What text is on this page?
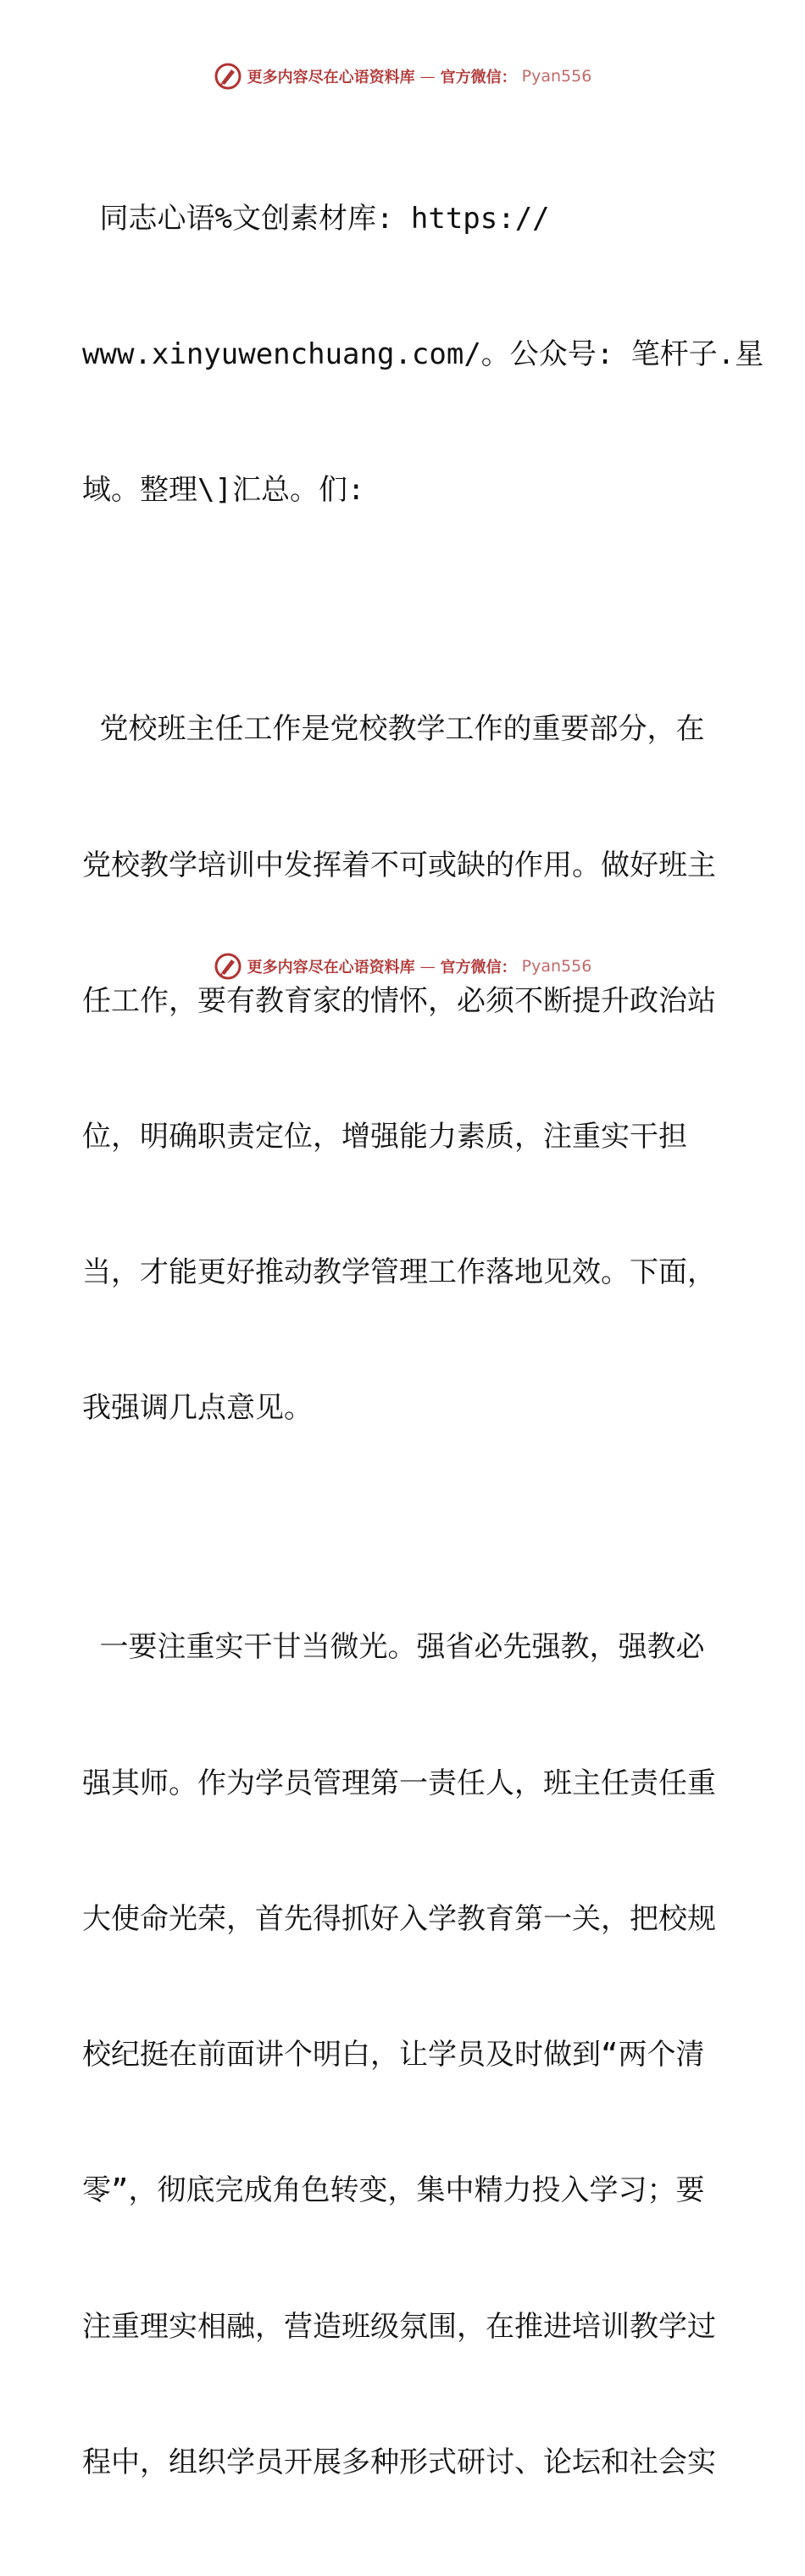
更多内容尽在心语资料库 — 官方微信： Pyan556

同志心语%文创素材库: https://

www.xinyuwenchuang.com/。公众号: 笔杆子.星

域。整理\]汇总。们:

党校班主任工作是党校教学工作的重要部分，在

党校教学培训中发挥着不可或缺的作用。做好班主

任工作，要有教育家的情怀，必须不断提升政治站

位，明确职责定位，增强能力素质，注重实干担

当，才能更好推动教学管理工作落地见效。下面，

我强调几点意见。

一要注重实干甘当微光。强省必先强教，强教必

强其师。作为学员管理第一责任人，班主任责任重

大使命光荣，首先得抓好入学教育第一关，把校规

校纪挺在前面讲个明白，让学员及时做到“两个清

零”，彻底完成角色转变，集中精力投入学习；要

注重理实相融，营造班级氛围，在推进培训教学过

程中，组织学员开展多种形式研讨、论坛和社会实

更多内容尽在心语资料库 — 官方微信： Pyan556
